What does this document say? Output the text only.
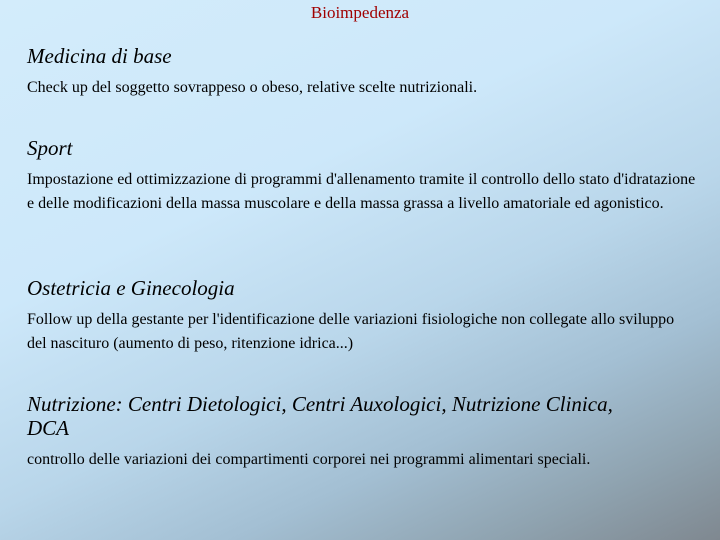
Bioimpedenza

Medicina di base

Check up del soggetto sovrappeso o obeso, relative scelte nutrizionali.

Sport

Impostazione ed ottimizzazione di programmi d'allenamento tramite il controllo dello stato d'idratazione e delle modificazioni della massa muscolare e della massa grassa a livello amatoriale ed agonistico.

Ostetricia e Ginecologia

Follow up della gestante per l'identificazione delle variazioni fisiologiche non collegate allo sviluppo del nascituro (aumento di peso, ritenzione idrica...)

Nutrizione: Centri Dietologici, Centri Auxologici, Nutrizione Clinica, DCA

controllo delle variazioni dei compartimenti corporei nei programmi alimentari speciali.
